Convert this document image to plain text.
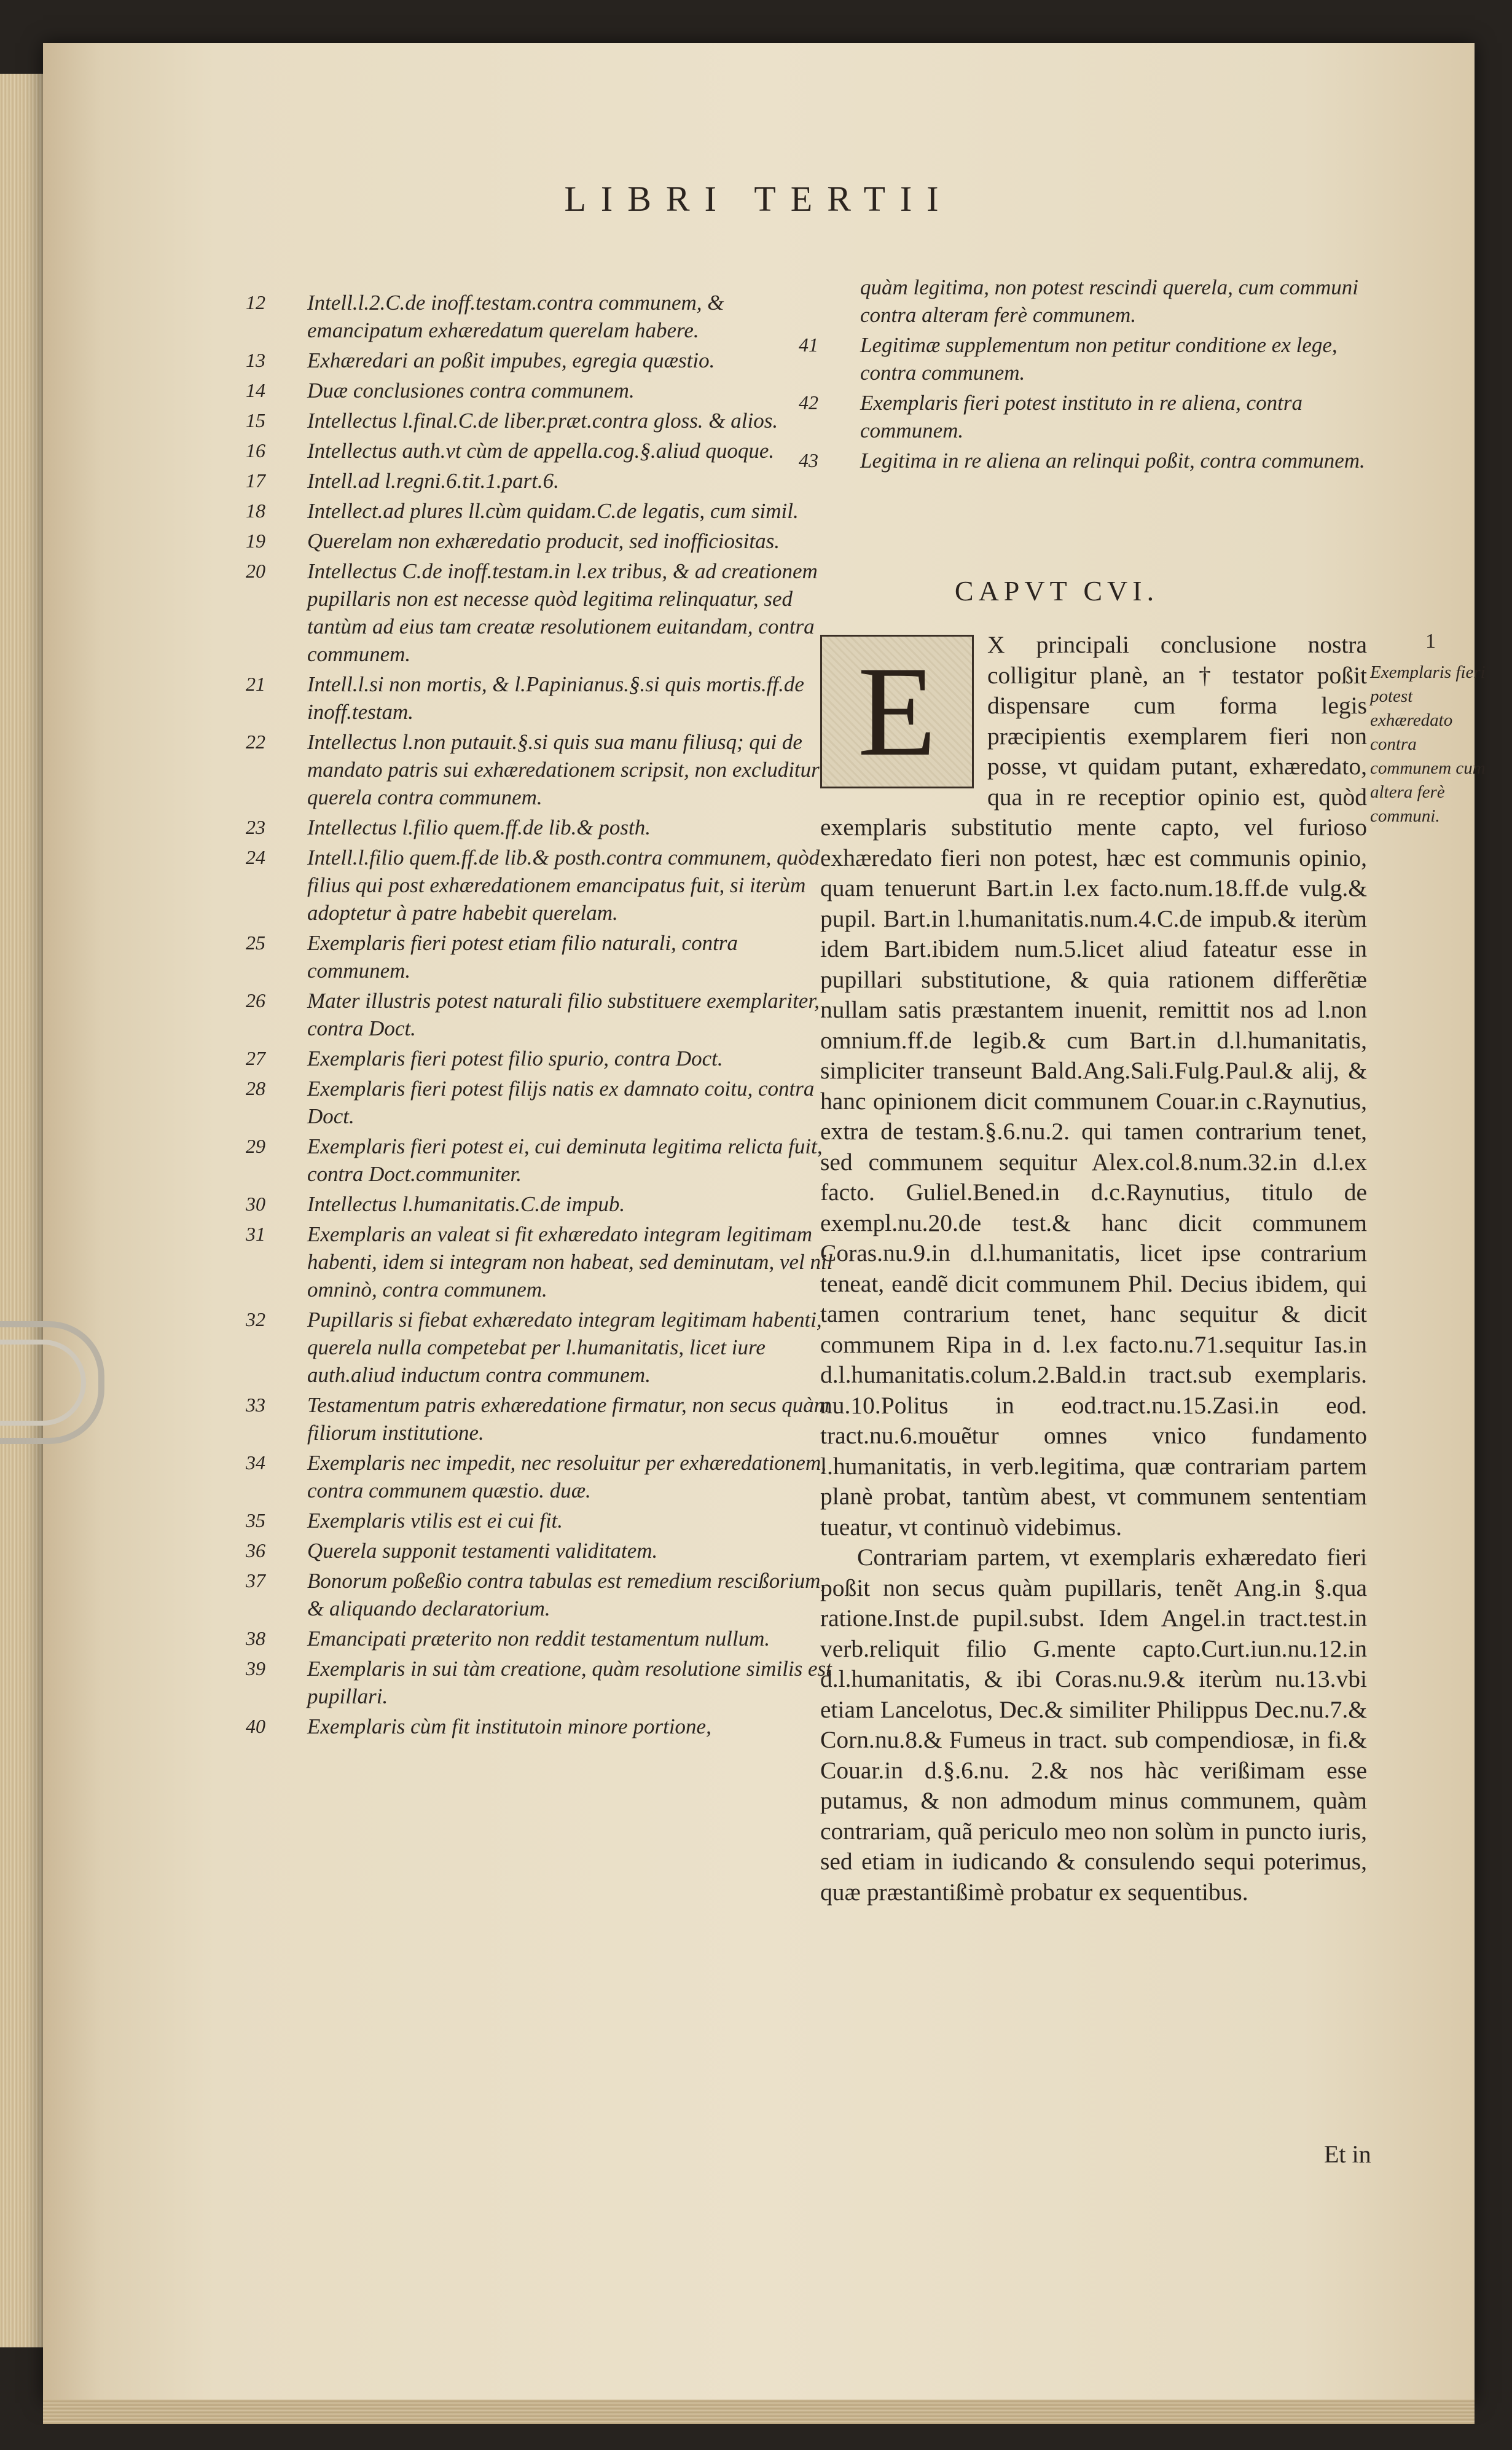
LIBRI TERTII
12	Intell.l.2.C.de inoff.testam.contra communem, & emancipatum exhæredatum querelam habere.
13	Exhæredari an poßit impubes, egregia quæstio.
14	Duæ conclusiones contra communem.
15	Intellectus l.final.C.de liber.præt.contra gloss. & alios.
16	Intellectus auth.vt cùm de appella.cog.§.aliud quoque.
17	Intell.ad l.regni.6.tit.1.part.6.
18	Intellect.ad plures ll.cùm quidam.C.de legatis, cum simil.
19	Querelam non exhæredatio producit, sed inofficiositas.
20	Intellectus C.de inoff.testam.in l.ex tribus, & ad creationem pupillaris non est necesse quòd legitima relinquatur, sed tantùm ad eius tam creatæ resolutionem euitandam, contra communem.
21	Intell.l.si non mortis, & l.Papinianus.§.si quis mortis.ff.de inoff.testam.
22	Intellectus l.non putauit.§.si quis sua manu filiusq; qui de mandato patris sui exhæredationem scripsit, non excluditur querela contra communem.
23	Intellectus l.filio quem.ff.de lib.& posth.
24	Intell.l.filio quem.ff.de lib.& posth.contra communem, quòd filius qui post exhæredationem emancipatus fuit, si iterùm adoptetur à patre habebit querelam.
25	Exemplaris fieri potest etiam filio naturali, contra communem.
26	Mater illustris potest naturali filio substituere exemplariter, contra Doct.
27	Exemplaris fieri potest filio spurio, contra Doct.
28	Exemplaris fieri potest filijs natis ex damnato coitu, contra Doct.
29	Exemplaris fieri potest ei, cui deminuta legitima relicta fuit, contra Doct.communiter.
30	Intellectus l.humanitatis.C.de impub.
31	Exemplaris an valeat si fit exhæredato integram legitimam habenti, idem si integram non habeat, sed deminutam, vel nil omninò, contra communem.
32	Pupillaris si fiebat exhæredato integram legitimam habenti, querela nulla competebat per l.humanitatis, licet iure auth.aliud inductum contra communem.
33	Testamentum patris exhæredatione firmatur, non secus quàm filiorum institutione.
34	Exemplaris nec impedit, nec resoluitur per exhæredationem, contra communem quæstio. duæ.
35	Exemplaris vtilis est ei cui fit.
36	Querela supponit testamenti validitatem.
37	Bonorum poßeßio contra tabulas est remedium rescißorium, & aliquando declaratorium.
38	Emancipati præterito non reddit testamentum nullum.
39	Exemplaris in sui tàm creatione, quàm resolutione similis est pupillari.
40	Exemplaris cùm fit institutoin minore portione,
quàm legitima, non potest rescindi querela, cum communi contra alteram ferè communem.
41	Legitimæ supplementum non petitur conditione ex lege, contra communem.
42	Exemplaris fieri potest instituto in re aliena, contra communem.
43	Legitima in re aliena an relinqui poßit, contra communem.
CAPVT CVI.
1
Exemplaris fieri potest exhæredato contra communem cum altera ferè communi.
E	X principali conclusione nostra colligitur planè, an † testator poßit dispensare cum forma legis præcipientis exemplarem fieri non posse, vt quidam putant, exhæredato, qua in re receptior opinio est, quòd exemplaris substitutio mente capto, vel furioso exhæredato fieri non potest, hæc est communis opinio, quam tenuerunt Bart.in l.ex facto.num.18.ff.de vulg.& pupil. Bart.in l.humanitatis.num.4.C.de impub.& iterùm idem Bart.ibidem num.5.licet aliud fateatur esse in pupillari substitutione, & quia rationem differẽtiæ nullam satis præstantem inuenit, remittit nos ad l.non omnium.ff.de legib.& cum Bart.in d.l.humanitatis, simpliciter transeunt Bald.Ang.Sali.Fulg.Paul.& alij, & hanc opinionem dicit communem Couar.in c.Raynutius, extra de testam.§.6.nu.2. qui tamen contrarium tenet, sed communem sequitur Alex.col.8.num.32.in d.l.ex facto. Guliel.Bened.in d.c.Raynutius, titulo de exempl.nu.20.de test.& hanc dicit communem Coras.nu.9.in d.l.humanitatis, licet ipse contrarium teneat, eandẽ dicit communem Phil. Decius ibidem, qui tamen contrarium tenet, hanc sequitur & dicit communem Ripa in d. l.ex facto.nu.71.sequitur Ias.in d.l.humanitatis.colum.2.Bald.in tract.sub exemplaris. nu.10.Politus in eod.tract.nu.15.Zasi.in eod. tract.nu.6.mouẽtur omnes vnico fundamento l.humanitatis, in verb.legitima, quæ contrariam partem planè probat, tantùm abest, vt communem sententiam tueatur, vt continuò videbimus.

Contrariam partem, vt exemplaris exhæredato fieri poßit non secus quàm pupillaris, tenẽt Ang.in §.qua ratione.Inst.de pupil.subst. Idem Angel.in tract.test.in verb.reliquit filio G.mente capto.Curt.iun.nu.12.in d.l.humanitatis, & ibi Coras.nu.9.& iterùm nu.13.vbi etiam Lancelotus, Dec.& similiter Philippus Dec.nu.7.& Corn.nu.8.& Fumeus in tract. sub compendiosæ, in fi.& Couar.in d.§.6.nu. 2.& nos hàc verißimam esse putamus, & non admodum minus communem, quàm contrariam, quã periculo meo non solùm in puncto iuris, sed etiam in iudicando & consulendo sequi poterimus, quæ præstantißimè probatur ex sequentibus.

Et in
